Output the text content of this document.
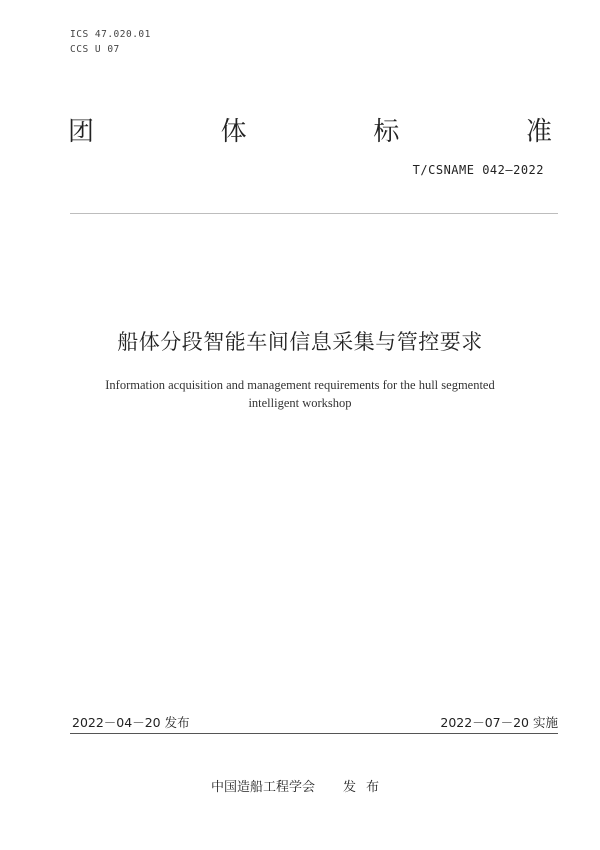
ICS 47.020.01
CCS U 07
团	体	标	准
T/CSNAME 042—2022
船体分段智能车间信息采集与管控要求
Information acquisition and management requirements for the hull segmented intelligent workshop
2022－04－20 发布	2022－07－20 实施
中国造船工程学会 发布
